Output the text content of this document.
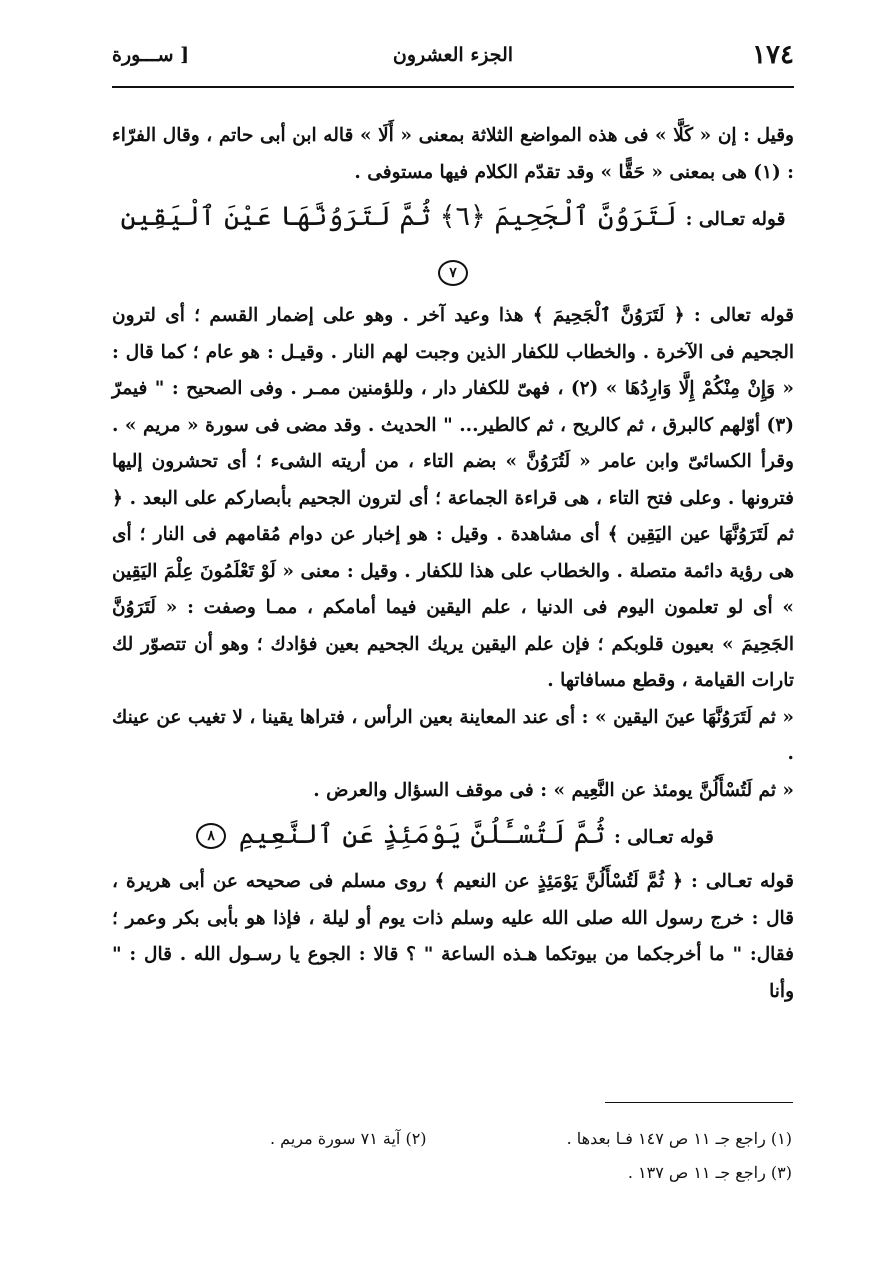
١٧٤
الجزء العشرون
[ ســـورة

وقيل : إن « كَلَّا » فى هذه المواضع الثلاثة بمعنى « أَلَا » قاله ابن أبى حاتم ، وقال الفرّاء : (١) هى بمعنى « حَقًّا » وقد تقدّم الكلام فيها مستوفى .

قوله تعـالى : لَتَرَوُنَّ ٱلْجَحِيمَ ﴿٦﴾ ثُمَّ لَتَرَوُنَّهَا عَيْنَ ٱلْيَقِينِ ٧

قوله تعالى : ﴿ لَتَرَوُنَّ ٱلْجَحِيمَ ﴾ هذا وعيد آخر . وهو على إضمار القسم ؛ أى لترون الجحيم فى الآخرة . والخطاب للكفار الذين وجبت لهم النار . وقيـل : هو عام ؛ كما قال : « وَإِنْ مِنْكُمْ إِلَّا وَارِدُهَا » (٢) ، فهىّ للكفار دار ، وللؤمنين ممـر . وفى الصحيح : " فيمرّ (٣) أوّلهم كالبرق ، ثم كالريح ، ثم كالطير... " الحديث . وقد مضى فى سورة « مريم » . وقرأ الكسائىّ وابن عامر « لَتُرَوُنَّ » بضم التاء ، من أريته الشىء ؛ أى تحشرون إليها فترونها . وعلى فتح التاء ، هى قراءة الجماعة ؛ أى لترون الجحيم بأبصاركم على البعد . ﴿ ثم لَتَرَوُنَّهَا عين اليَقِين ﴾ أى مشاهدة . وقيل : هو إخبار عن دوام مُقامهم فى النار ؛ أى هى رؤية دائمة متصلة . والخطاب على هذا للكفار . وقيل : معنى « لَوْ تَعْلَمُونَ عِلْمَ اليَقِين » أى لو تعلمون اليوم فى الدنيا ، علم اليقين فيما أمامكم ، ممـا وصفت : « لَتَرَوُنَّ الجَحِيمَ » بعيون قلوبكم ؛ فإن علم اليقين يريك الجحيم بعين فؤادك ؛ وهو أن تتصوّر لك تارات القيامة ، وقطع مسافاتها .

« ثم لَتَرَوُنَّهَا عينَ اليقين » : أى عند المعاينة بعين الرأس ، فتراها يقينا ، لا تغيب عن عينك .

« ثم لَتُسْأَلُنَّ يومئذ عن النَّعِيم » : فى موقف السؤال والعرض .

قوله تعـالى : ثُمَّ لَتُسْـَٔلُنَّ يَوْمَئِذٍ عَنِ ٱلنَّعِيمِ ٨

قوله تعـالى : ﴿ ثُمَّ لَتُسْأَلُنَّ يَوْمَئِذٍ عن النعيم ﴾ روى مسلم فى صحيحه عن أبى هريرة ، قال : خرج رسول الله صلى الله عليه وسلم ذات يوم أو ليلة ، فإذا هو بأبى بكر وعمر ؛ فقال: " ما أخرجكما من بيوتكما هـذه الساعة " ؟ قالا : الجوع يا رسـول الله . قال : " وأنا

(١) راجع جـ ١١ ص ١٤٧ فـا بعدها .
(٢) آية ٧١ سورة مريم .
(٣) راجع جـ ١١ ص ١٣٧ .
